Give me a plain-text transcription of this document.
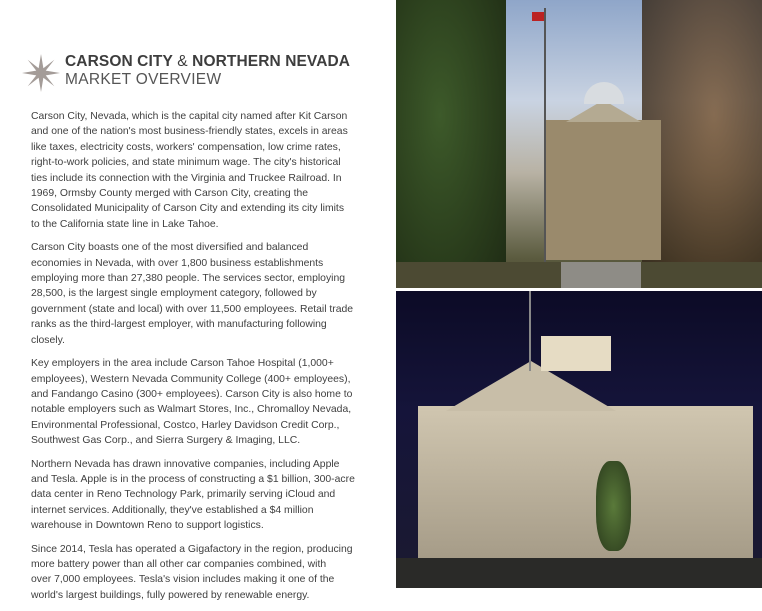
CARSON CITY & NORTHERN NEVADA
MARKET OVERVIEW
Carson City, Nevada, which is the capital city named after Kit Carson
and one of the nation's most business-friendly states, excels in areas
like taxes, electricity costs, workers' compensation, low crime rates,
right-to-work policies, and state minimum wage. The city's historical
ties include its connection with the Virginia and Truckee Railroad. In
1969, Ormsby County merged with Carson City, creating the
Consolidated Municipality of Carson City and extending its city limits
to the California state line in Lake Tahoe.
Carson City boasts one of the most diversified and balanced
economies in Nevada, with over 1,800 business establishments
employing more than 27,380 people. The services sector, employing
28,500, is the largest single employment category, followed by
government (state and local) with over 11,500 employees. Retail trade
ranks as the third-largest employer, with manufacturing following
closely.
Key employers in the area include Carson Tahoe Hospital (1,000+
employees), Western Nevada Community College (400+ employees),
and Fandango Casino (300+ employees). Carson City is also home to
notable employers such as Walmart Stores, Inc., Chromalloy Nevada,
Environmental Professional, Costco, Harley Davidson Credit Corp.,
Southwest Gas Corp., and Sierra Surgery & Imaging, LLC.
Northern Nevada has drawn innovative companies, including Apple
and Tesla. Apple is in the process of constructing a $1 billion, 300-acre
data center in Reno Technology Park, primarily serving iCloud and
internet services. Additionally, they've established a $4 million
warehouse in Downtown Reno to support logistics.
Since 2014, Tesla has operated a Gigafactory in the region, producing
more battery power than all other car companies combined, with
over 7,000 employees. Tesla's vision includes making it one of the
world's largest buildings, fully powered by renewable energy.
